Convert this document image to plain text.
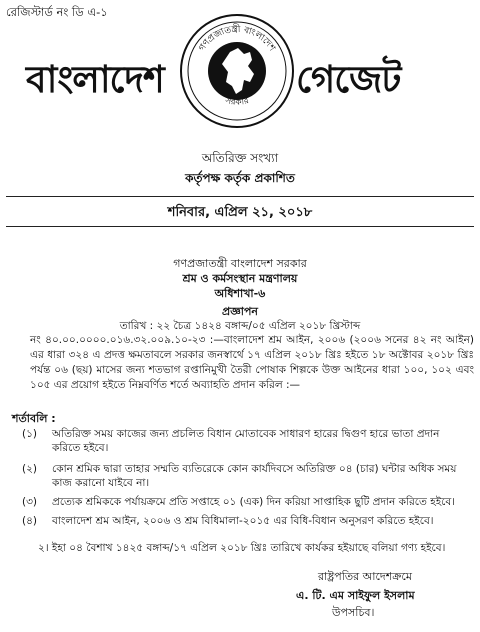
রেজিস্টার্ড নং ডি এ-১
বাংলাদেশ	গেজেট
গণপ্রজাতন্ত্রী বাংলাদেশ
সরকার
অতিরিক্ত সংখ্যা
কর্তৃপক্ষ কর্তৃক প্রকাশিত
শনিবার, এপ্রিল ২১, ২০১৮
গণপ্রজাতন্ত্রী বাংলাদেশ সরকার
শ্রম ও কর্মসংস্থান মন্ত্রণালয়
অধিশাখা-৬
প্রজ্ঞাপন
তারিখ : ২২ চৈত্র ১৪২৪ বঙ্গাব্দ/০৫ এপ্রিল ২০১৮ খ্রিস্টাব্দ
নং ৪০.০০.০০০০.০১৬.৩২.০০৯.১০-২৩ :—বাংলাদেশ শ্রম আইন, ২০০৬ (২০০৬ সনের ৪২ নং আইন) এর ধারা ৩২৪ এ প্রদত্ত ক্ষমতাবলে সরকার জনস্বার্থে ১৭ এপ্রিল ২০১৮ খ্রিঃ হইতে ১৮ অক্টোবর ২০১৮ খ্রিঃ পর্যন্ত ০৬ (ছয়) মাসের জন্য শতভাগ রপ্তানিমুখী তৈরী পোষাক শিল্পকে উক্ত আইনের ধারা ১০০, ১০২ এবং ১০৫ এর প্রয়োগ হইতে নিম্নবর্ণিত শর্তে অব্যাহতি প্রদান করিল :—
শর্তাবলি :
(১) অতিরিক্ত সময় কাজের জন্য প্রচলিত বিধান মোতাবেক সাধারণ হারের দ্বিগুণ হারে ভাতা প্রদান করিতে হইবে।
(২) কোন শ্রমিক দ্বারা তাহার সম্মতি ব্যতিরেকে কোন কার্যদিবসে অতিরিক্ত ০৪ (চার) ঘন্টার অধিক সময় কাজ করানো যাইবে না।
(৩) প্রত্যেক শ্রমিককে পর্যায়ক্রমে প্রতি সপ্তাহে ০১ (এক) দিন করিয়া সাপ্তাহিক ছুটি প্রদান করিতে হইবে।
(৪) বাংলাদেশ শ্রম আইন, ২০০৬ ও শ্রম বিধিমালা-২০১৫ এর বিধি-বিধান অনুসরণ করিতে হইবে।
২। ইহা ০৪ বৈশাখ ১৪২৫ বঙ্গাব্দ/১৭ এপ্রিল ২০১৮ খ্রিঃ তারিখে কার্যকর হইয়াছে বলিয়া গণ্য হইবে।
রাষ্ট্রপতির আদেশক্রমে
এ. টি. এম সাইফুল ইসলাম
উপসচিব।
